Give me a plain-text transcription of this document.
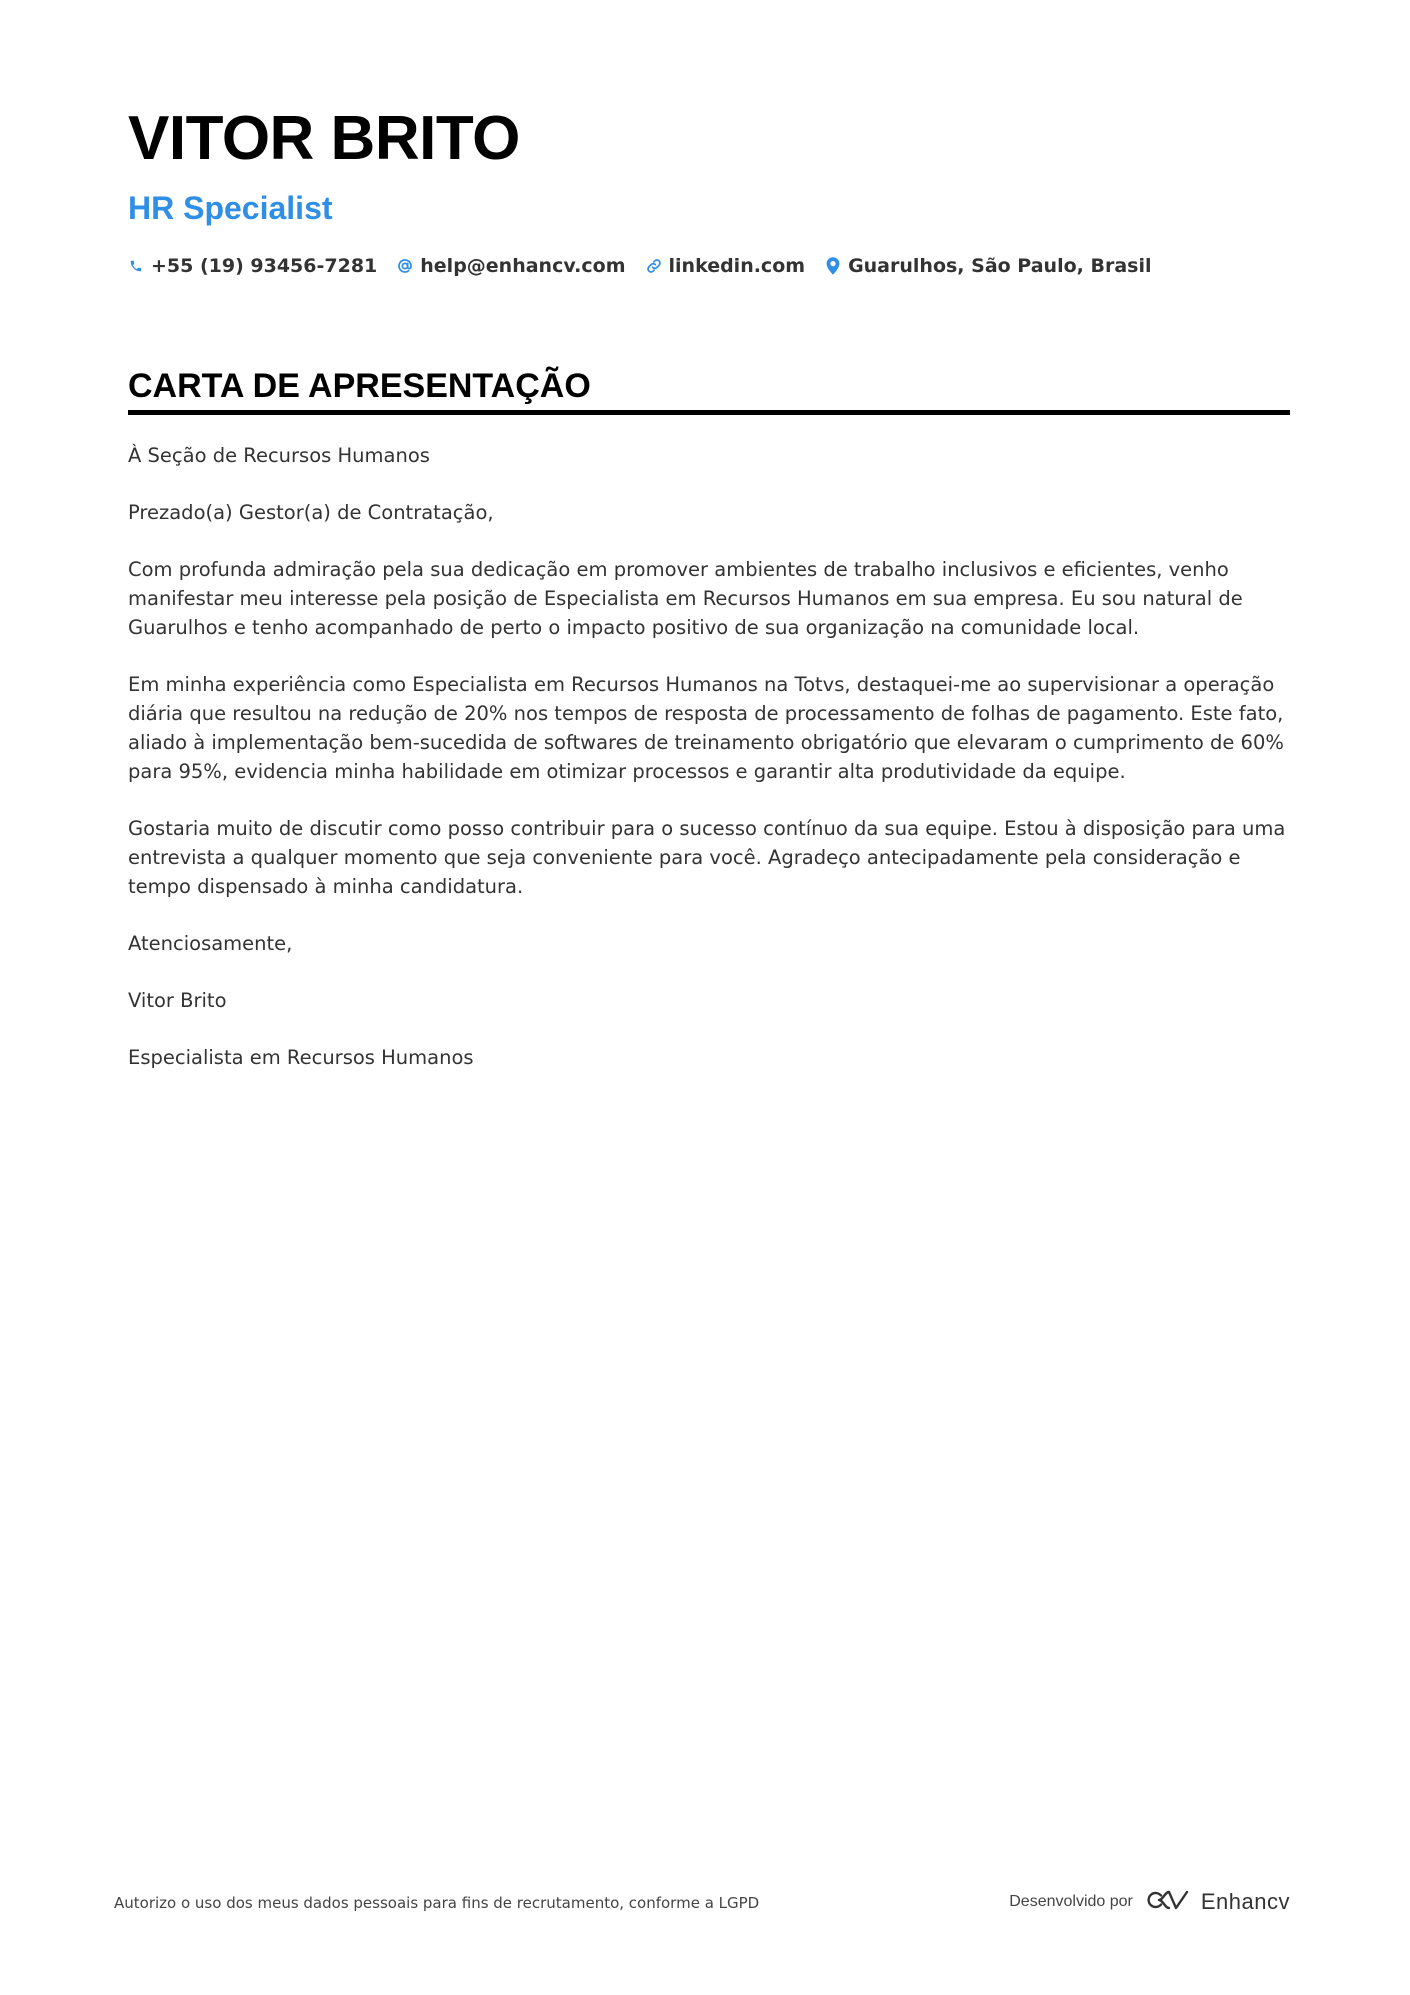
VITOR BRITO
HR Specialist
+55 (19) 93456-7281 help@enhancv.com linkedin.com Guarulhos, São Paulo, Brasil
CARTA DE APRESENTAÇÃO

À Seção de Recursos Humanos

Prezado(a) Gestor(a) de Contratação,

Com profunda admiração pela sua dedicação em promover ambientes de trabalho inclusivos e eficientes, venho manifestar meu interesse pela posição de Especialista em Recursos Humanos em sua empresa. Eu sou natural de Guarulhos e tenho acompanhado de perto o impacto positivo de sua organização na comunidade local.

Em minha experiência como Especialista em Recursos Humanos na Totvs, destaquei-me ao supervisionar a operação diária que resultou na redução de 20% nos tempos de resposta de processamento de folhas de pagamento. Este fato, aliado à implementação bem-sucedida de softwares de treinamento obrigatório que elevaram o cumprimento de 60% para 95%, evidencia minha habilidade em otimizar processos e garantir alta produtividade da equipe.

Gostaria muito de discutir como posso contribuir para o sucesso contínuo da sua equipe. Estou à disposição para uma entrevista a qualquer momento que seja conveniente para você. Agradeço antecipadamente pela consideração e tempo dispensado à minha candidatura.

Atenciosamente,

Vitor Brito

Especialista em Recursos Humanos

Autorizo o uso dos meus dados pessoais para fins de recrutamento, conforme a LGPD	Desenvolvido por	Enhancv
